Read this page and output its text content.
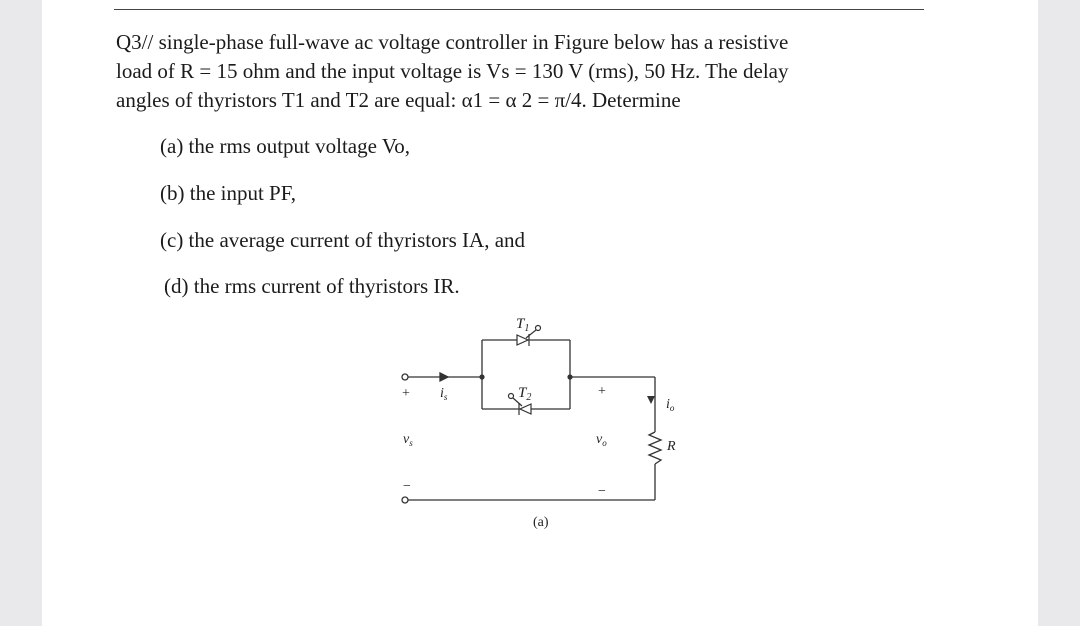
Q3// single-phase full-wave ac voltage controller in Figure below has a resistive
load of R = 15 ohm and the input voltage is Vs = 130 V (rms), 50 Hz. The delay
angles of thyristors T1 and T2 are equal: α1 = α 2 = π/4. Determine
(a) the rms output voltage Vo,
(b) the input PF,
(c) the average current of thyristors IA, and
(d) the rms current of thyristors IR.
$T_1$
$T_2$
+
−
$i_s$
$v_s$
+
$v_o$
−
$i_o$
R
(a)
